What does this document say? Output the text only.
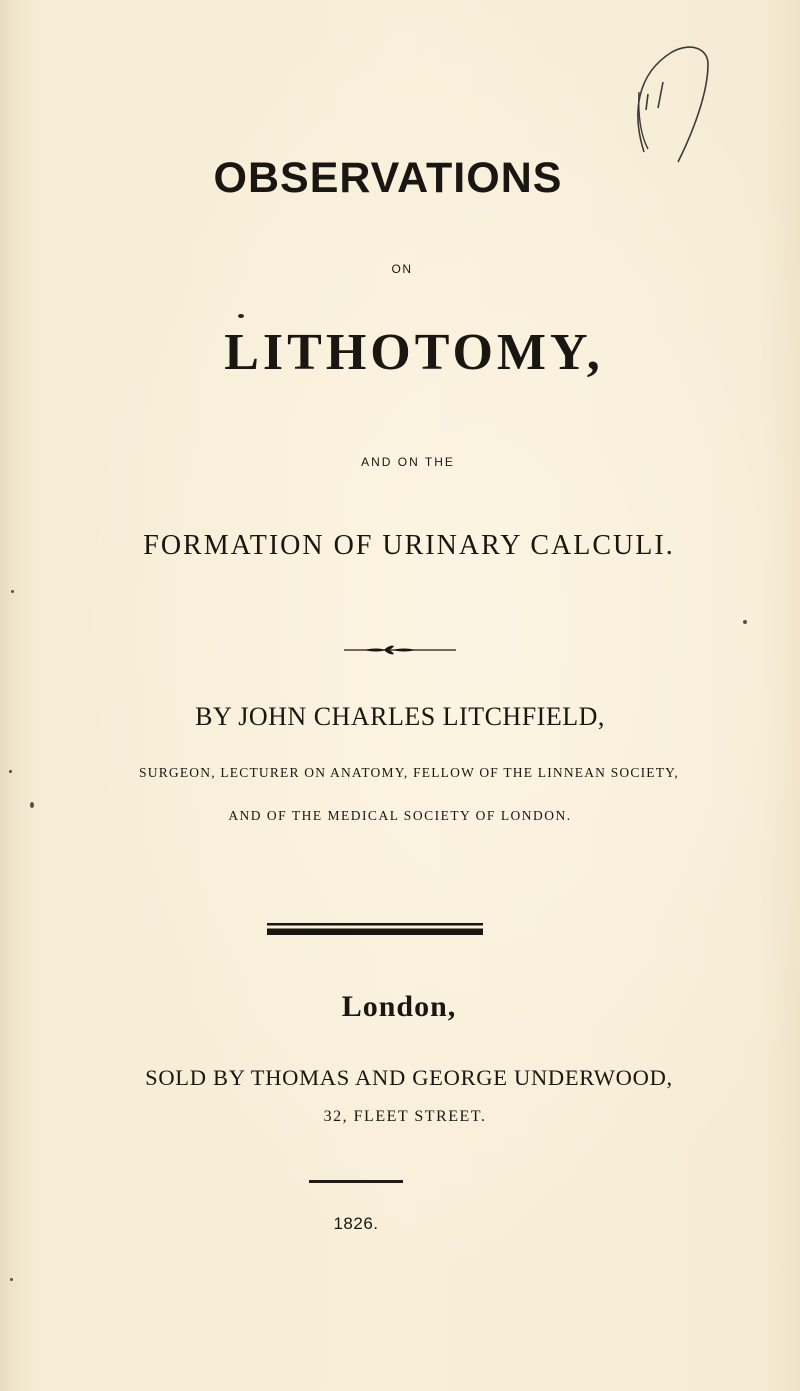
OBSERVATIONS
ON
LITHOTOMY,
AND ON THE
FORMATION OF URINARY CALCULI.
BY JOHN CHARLES LITCHFIELD,
SURGEON, LECTURER ON ANATOMY, FELLOW OF THE LINNEAN SOCIETY,
AND OF THE MEDICAL SOCIETY OF LONDON.
London,
SOLD BY THOMAS AND GEORGE UNDERWOOD,
32, FLEET STREET.
1826.
